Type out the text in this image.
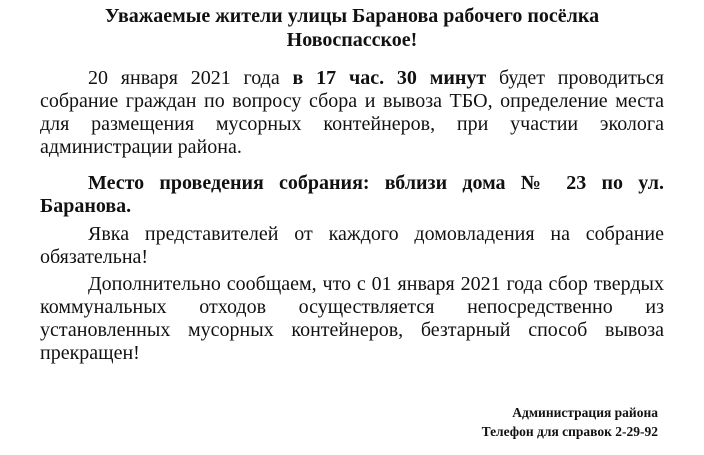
Уважаемые жители улицы Баранова рабочего посёлка
Новоспасское!

20 января 2021 года в 17 час. 30 минут будет проводиться собрание граждан по вопросу сбора и вывоза ТБО, определение места для размещения мусорных контейнеров, при участии эколога администрации района.

Место проведения собрания: вблизи дома № 23 по ул. Баранова.

Явка представителей от каждого домовладения на собрание обязательна!

Дополнительно сообщаем, что с 01 января 2021 года сбор твердых коммунальных отходов осуществляется непосредственно из установленных мусорных контейнеров, безтарный способ вывоза прекращен!

Администрация района
Телефон для справок 2-29-92
